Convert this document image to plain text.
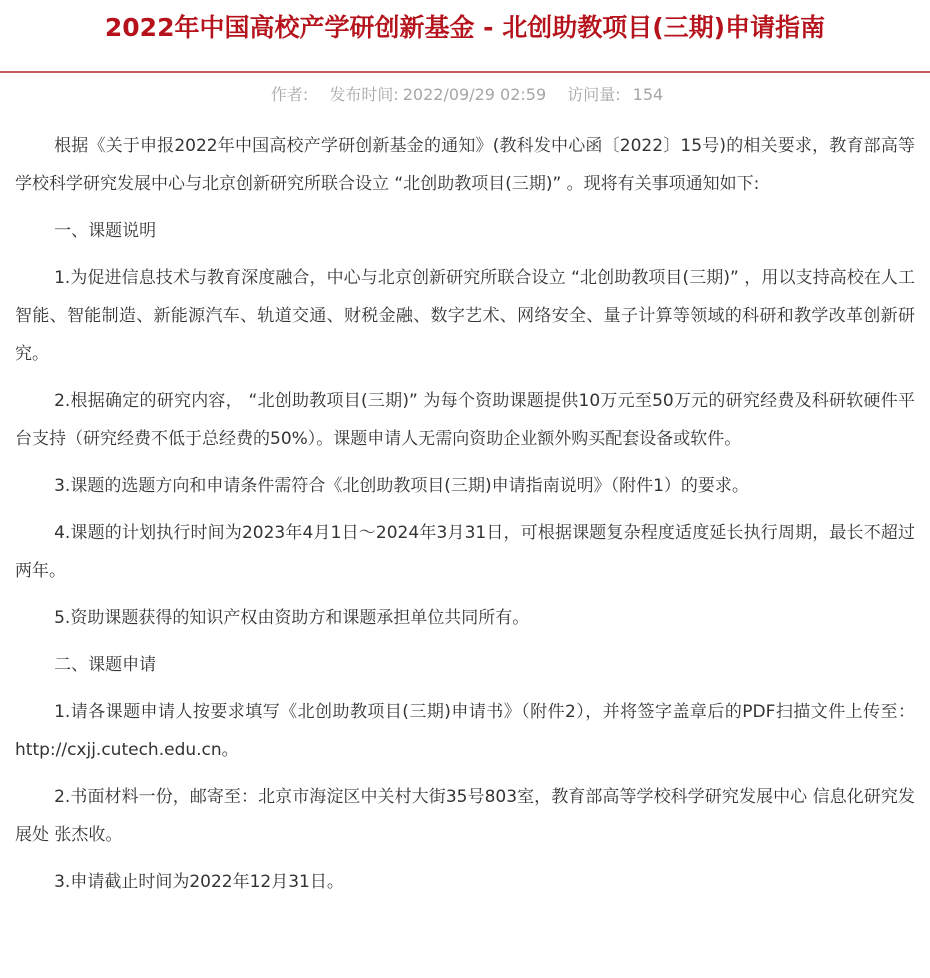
2022年中国高校产学研创新基金 - 北创助教项目(三期)申请指南
作者: 发布时间: 2022/09/29 02:59 访问量: 154

根据《关于申报2022年中国高校产学研创新基金的通知》(教科发中心函〔2022〕15号)的相关要求，教育部高等学校科学研究发展中心与北京创新研究所联合设立 “北创助教项目(三期)” 。现将有关事项通知如下:

一、课题说明

1.为促进信息技术与教育深度融合，中心与北京创新研究所联合设立 “北创助教项目(三期)” ，用以支持高校在人工智能、智能制造、新能源汽车、轨道交通、财税金融、数字艺术、网络安全、量子计算等领域的科研和教学改革创新研究。

2.根据确定的研究内容， “北创助教项目(三期)” 为每个资助课题提供10万元至50万元的研究经费及科研软硬件平台支持（研究经费不低于总经费的50%）。课题申请人无需向资助企业额外购买配套设备或软件。

3.课题的选题方向和申请条件需符合《北创助教项目(三期)申请指南说明》（附件1）的要求。

4.课题的计划执行时间为2023年4月1日～2024年3月31日，可根据课题复杂程度适度延长执行周期，最长不超过两年。

5.资助课题获得的知识产权由资助方和课题承担单位共同所有。

二、课题申请

1.请各课题申请人按要求填写《北创助教项目(三期)申请书》（附件2），并将签字盖章后的PDF扫描文件上传至： http://cxjj.cutech.edu.cn。

2.书面材料一份，邮寄至：北京市海淀区中关村大街35号803室，教育部高等学校科学研究发展中心 信息化研究发展处 张杰收。

3.申请截止时间为2022年12月31日。
